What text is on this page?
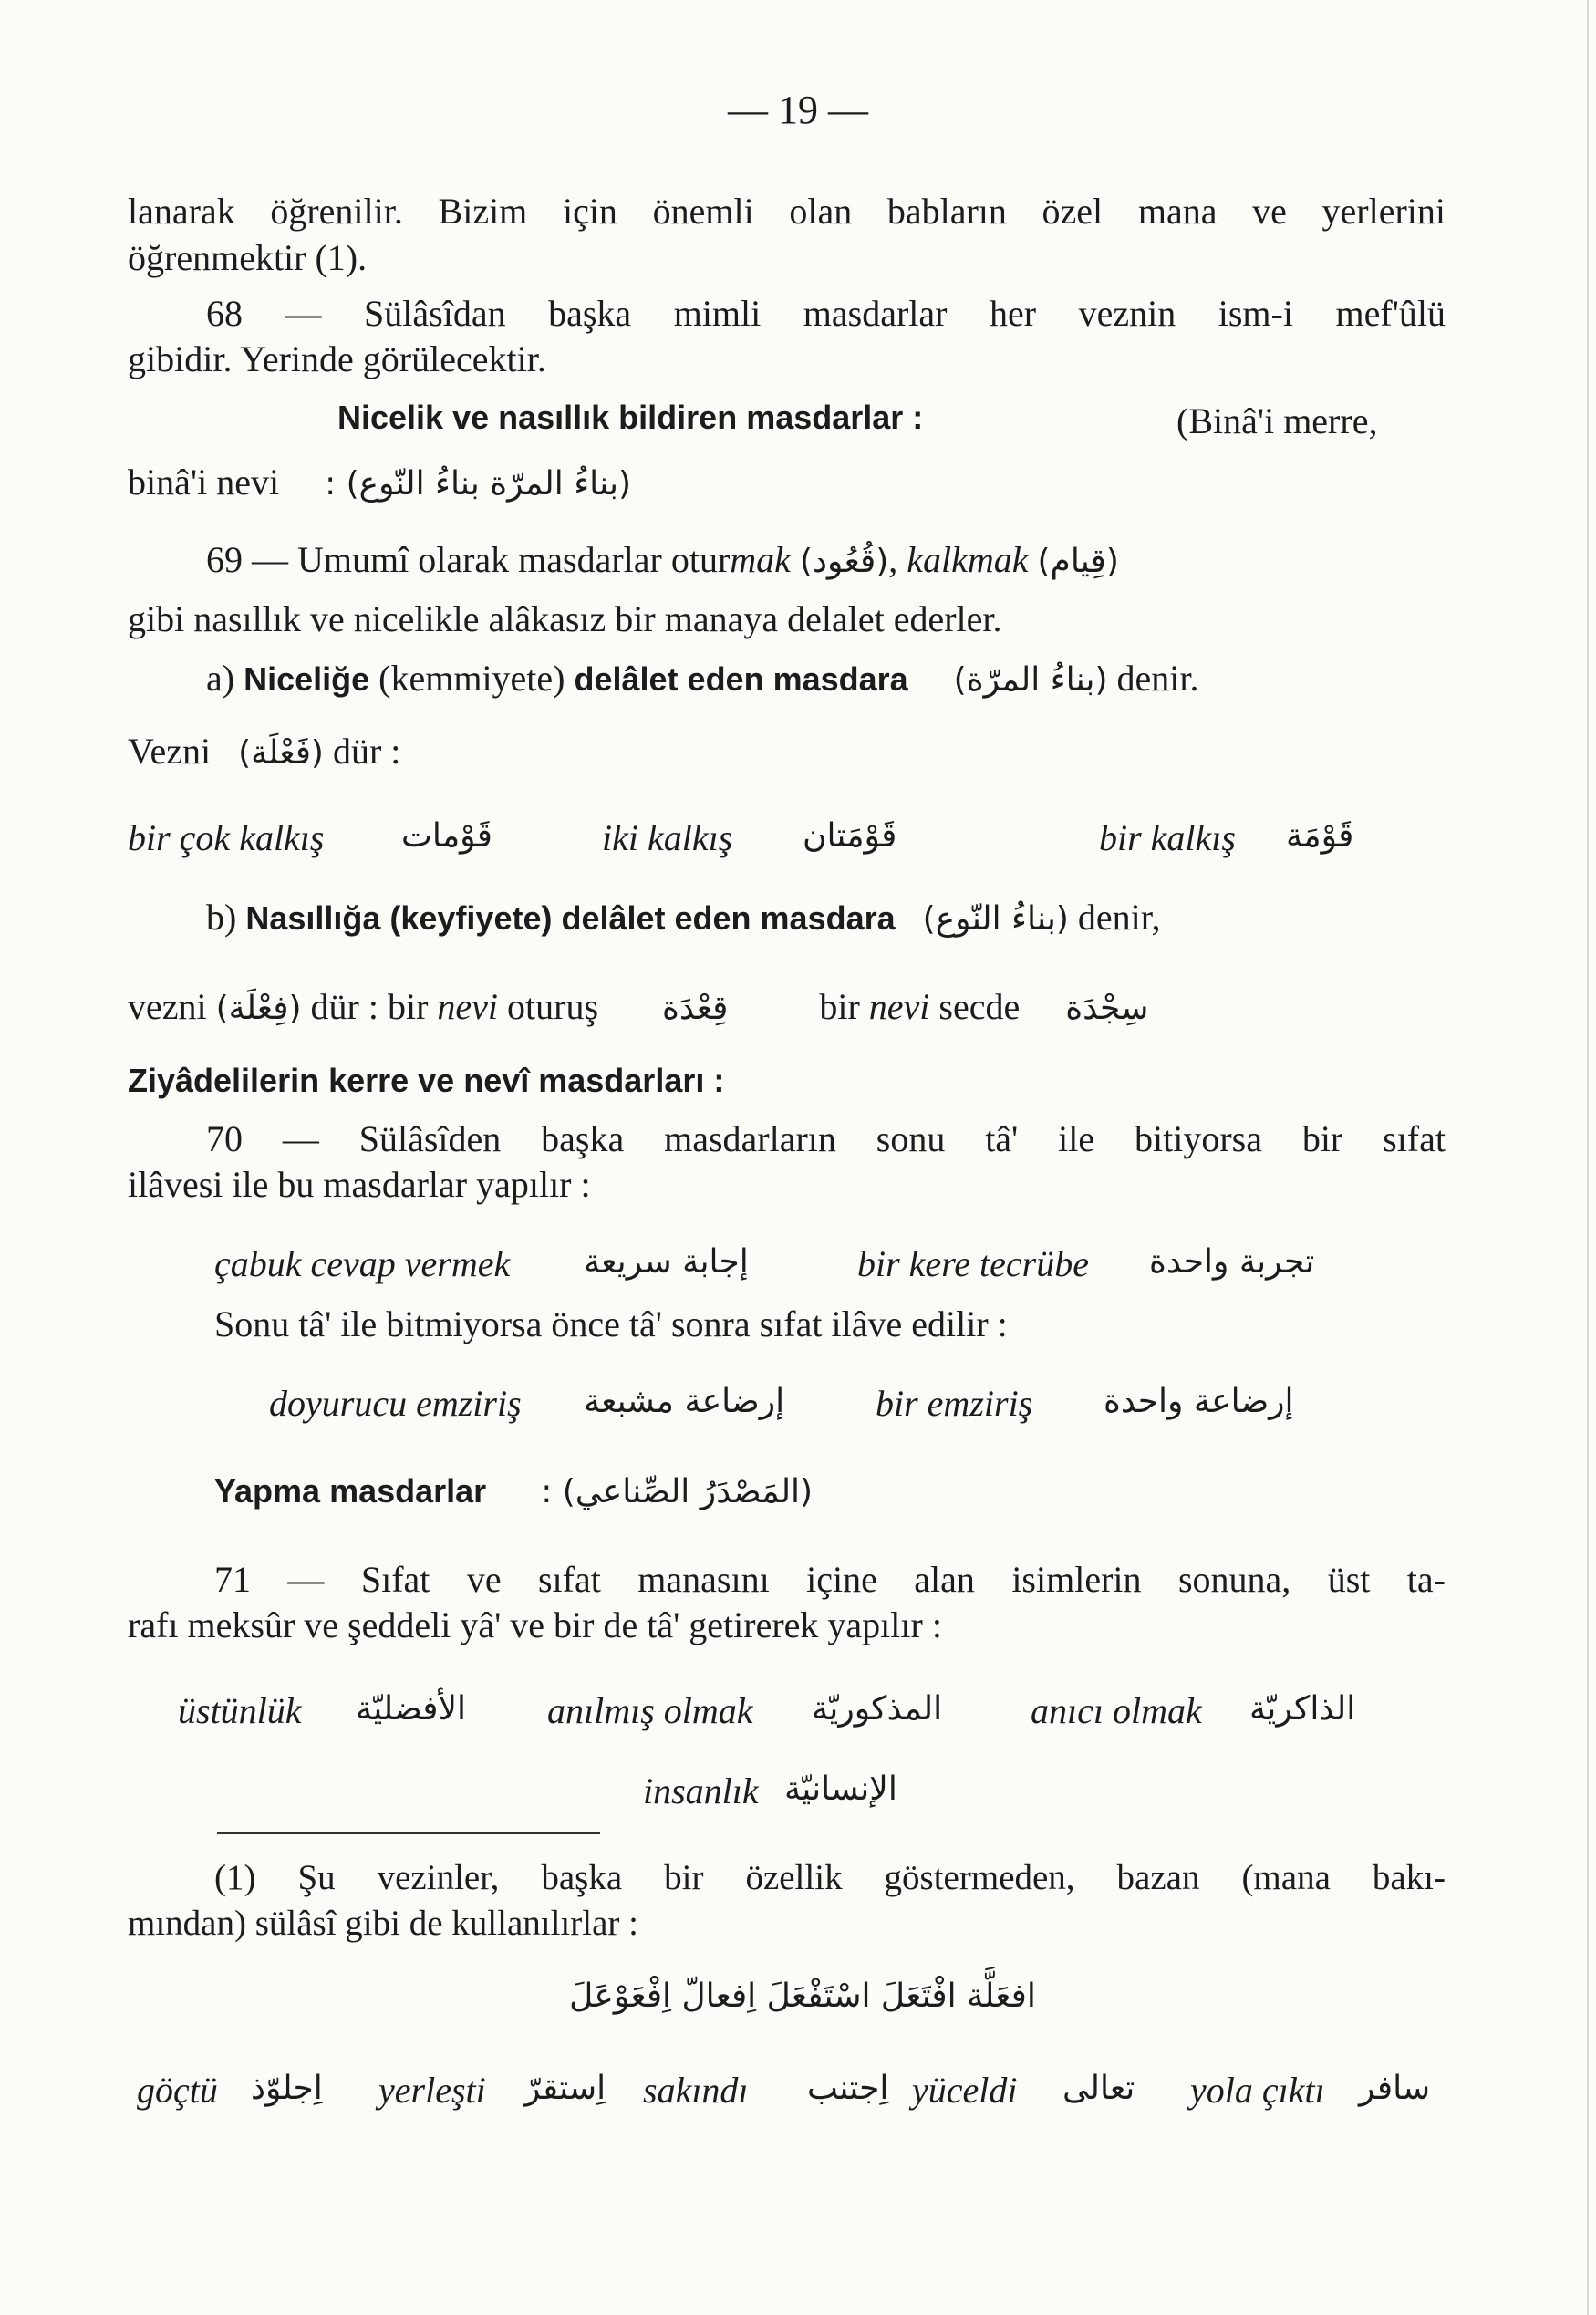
— 19 —
lanarak öğrenilir. Bizim için önemli olan babların özel mana ve yerlerini
öğrenmektir (1).
68 — Sülâsîdan başka mimli masdarlar her veznin ism-i mef'ûlü
gibidir. Yerinde görülecektir.
Nicelik ve nasıllık bildiren masdarlar :	(Binâ'i merre,
binâ'i nevi (بناءُ المرّة بناءُ النّوع) :
69 — Umumî olarak masdarlar oturmak (قُعُود), kalkmak (قِيام)
gibi nasıllık ve nicelikle alâkasız bir manaya delalet ederler.
a) Niceliğe (kemmiyete) delâlet eden masdara (بناءُ المرّة) denir.
Vezni (فَعْلَة) dür :
bir çok kalkış قَوْمات	iki kalkış قَوْمَتان	bir kalkış قَوْمَة
b) Nasıllığa (keyfiyete) delâlet eden masdara (بناءُ النّوع) denir,
vezni (فِعْلَة) dür : bir nevi oturuş قِعْدَة	bir nevi secde سِجْدَة
Ziyâdelilerin kerre ve nevî masdarları :
70 — Sülâsîden başka masdarların sonu tâ' ile bitiyorsa bir sıfat
ilâvesi ile bu masdarlar yapılır :
çabuk cevap vermek إجابة سريعة	bir kere tecrübe تجربة واحدة
Sonu tâ' ile bitmiyorsa önce tâ' sonra sıfat ilâve edilir :
doyurucu emziriş إرضاعة مشبعة bir emziriş إرضاعة واحدة
Yapma masdarlar (المَصْدَرُ الصِّناعي) :
71 — Sıfat ve sıfat manasını içine alan isimlerin sonuna, üst ta-
rafı meksûr ve şeddeli yâ' ve bir de tâ' getirerek yapılır :
üstünlük الأفضليّة anılmış olmak المذكوريّة anıcı olmak الذاكريّة
insanlık الإنسانيّة
(1) Şu vezinler, başka bir özellik göstermeden, bazan (mana bakı-
mından) sülâsî gibi de kullanılırlar :
افعَلَّة افْتَعَلَ اسْتَفْعَلَ اِفعالّ اِفْعَوْعَلَ
göçtü اِجلوّذ yerleşti اِستقرّ sakındı اِجتنب yüceldi تعالى yola çıktı سافر
